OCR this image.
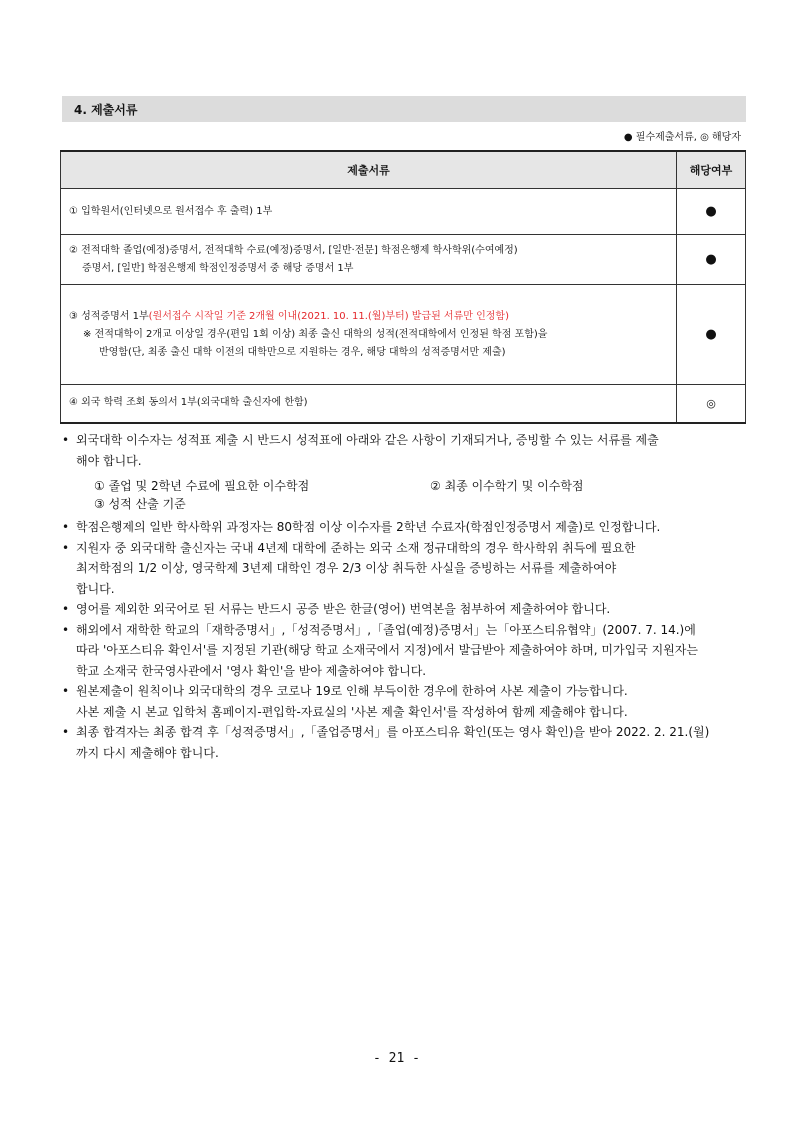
4. 제출서류
● 필수제출서류, ◎ 해당자
제출서류	해당여부

① 입학원서(인터넷으로 원서접수 후 출력) 1부	●

② 전적대학 졸업(예정)증명서, 전적대학 수료(예정)증명서, [일반·전문] 학점은행제 학사학위(수여예정)
증명서, [일반] 학점은행제 학점인정증명서 중 해당 증명서 1부	●

③ 성적증명서 1부(원서접수 시작일 기준 2개월 이내(2021. 10. 11.(월)부터) 발급된 서류만 인정함)
※ 전적대학이 2개교 이상일 경우(편입 1회 이상) 최종 출신 대학의 성적(전적대학에서 인정된 학점 포함)을
반영함(단, 최종 출신 대학 이전의 대학만으로 지원하는 경우, 해당 대학의 성적증명서만 제출)	●

④ 외국 학력 조회 동의서 1부(외국대학 출신자에 한함)	◎

• 외국대학 이수자는 성적표 제출 시 반드시 성적표에 아래와 같은 사항이 기재되거나, 증빙할 수 있는 서류를 제출

해야 합니다.

① 졸업 및 2학년 수료에 필요한 이수학점	② 최종 이수학기 및 이수학점
③ 성적 산출 기준

• 학점은행제의 일반 학사학위 과정자는 80학점 이상 이수자를 2학년 수료자(학점인정증명서 제출)로 인정합니다.

• 지원자 중 외국대학 출신자는 국내 4년제 대학에 준하는 외국 소재 정규대학의 경우 학사학위 취득에 필요한

최저학점의 1/2 이상, 영국학제 3년제 대학인 경우 2/3 이상 취득한 사실을 증빙하는 서류를 제출하여야

합니다.

• 영어를 제외한 외국어로 된 서류는 반드시 공증 받은 한글(영어) 번역본을 첨부하여 제출하여야 합니다.

• 해외에서 재학한 학교의「재학증명서」,「성적증명서」,「졸업(예정)증명서」는「아포스티유협약」(2007. 7. 14.)에

따라 '아포스티유 확인서'를 지정된 기관(해당 학교 소재국에서 지정)에서 발급받아 제출하여야 하며, 미가입국 지원자는

학교 소재국 한국영사관에서 '영사 확인'을 받아 제출하여야 합니다.

• 원본제출이 원칙이나 외국대학의 경우 코로나 19로 인해 부득이한 경우에 한하여 사본 제출이 가능합니다.

사본 제출 시 본교 입학처 홈페이지-편입학-자료실의 '사본 제출 확인서'를 작성하여 함께 제출해야 합니다.

• 최종 합격자는 최종 합격 후「성적증명서」,「졸업증명서」를 아포스티유 확인(또는 영사 확인)을 받아 2022. 2. 21.(월)

까지 다시 제출해야 합니다.

- 21 -
